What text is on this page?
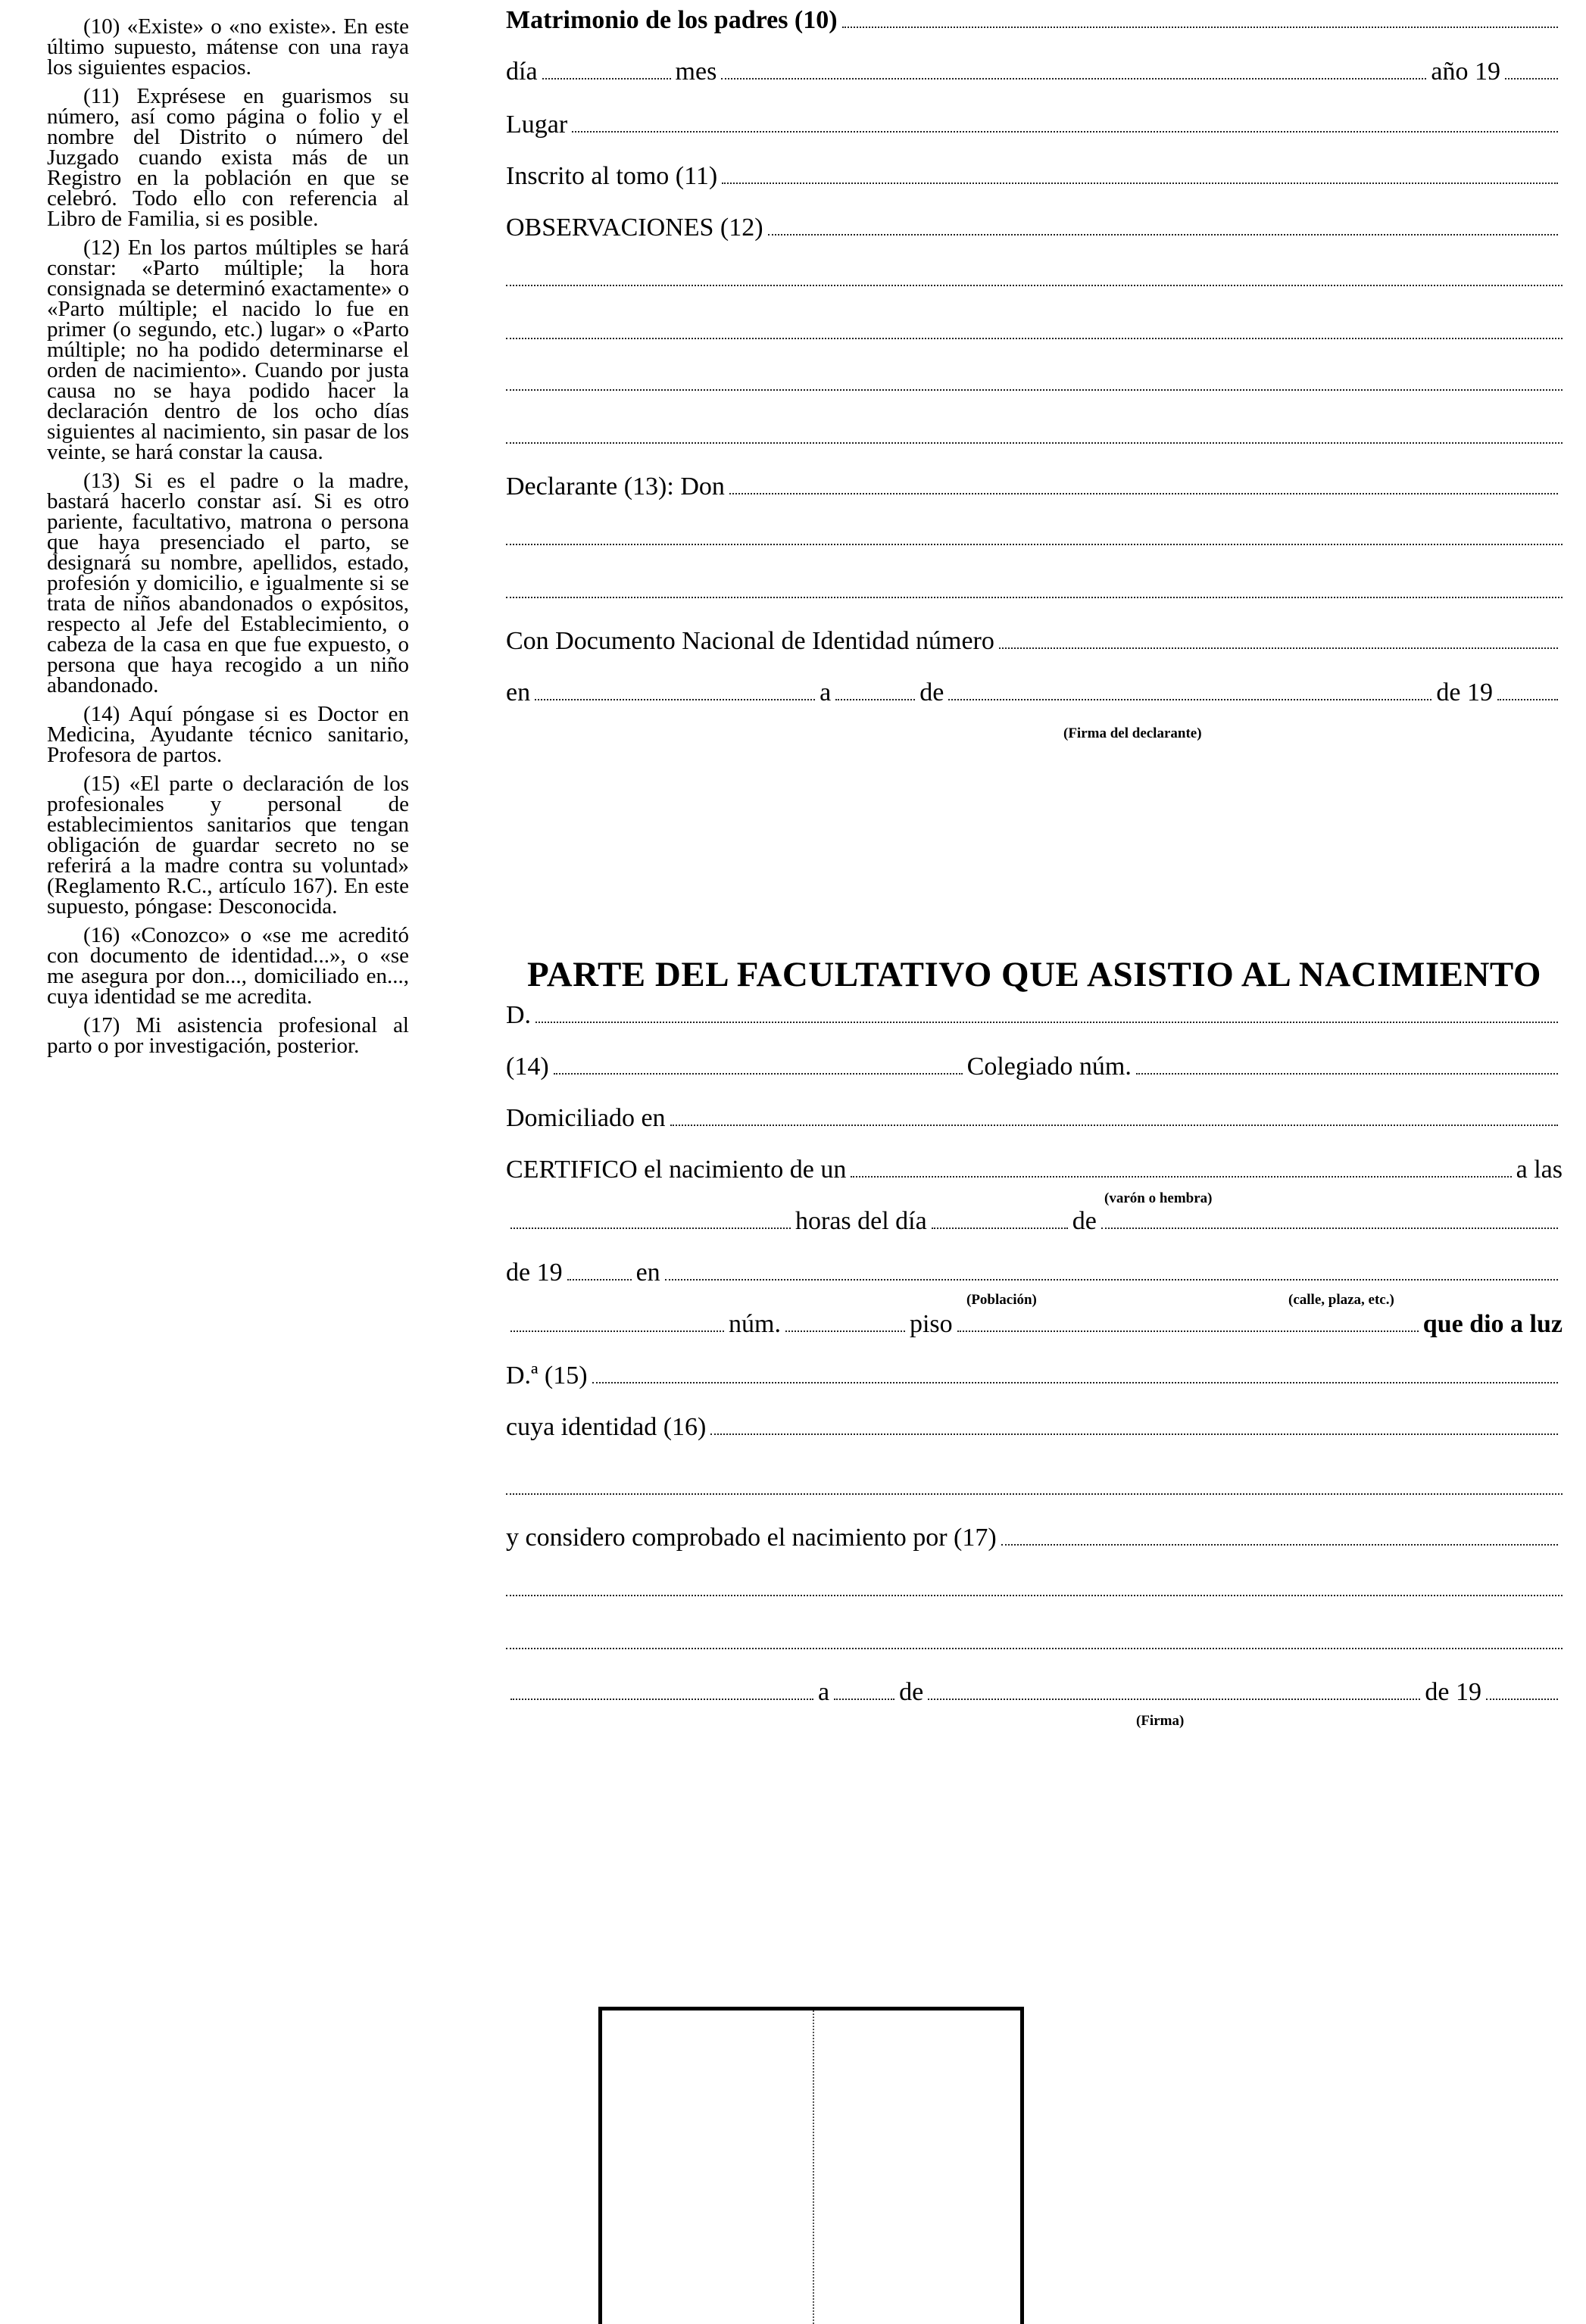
(10) «Existe» o «no existe». En este último supuesto, mátense con una raya los siguientes espacios.

(11) Exprésese en guarismos su número, así como página o folio y el nombre del Distrito o número del Juzgado cuando exista más de un Registro en la población en que se celebró. Todo ello con referencia al Libro de Familia, si es posible.

(12) En los partos múltiples se hará constar: «Parto múltiple; la hora consignada se determinó exactamente» o «Parto múltiple; el nacido lo fue en primer (o segundo, etc.) lugar» o «Parto múltiple; no ha podido determinarse el orden de nacimiento». Cuando por justa causa no se haya podido hacer la declaración dentro de los ocho días siguientes al nacimiento, sin pasar de los veinte, se hará constar la causa.

(13) Si es el padre o la madre, bastará hacerlo constar así. Si es otro pariente, facultativo, matrona o persona que haya presenciado el parto, se designará su nombre, apellidos, estado, profesión y domicilio, e igualmente si se trata de niños abandonados o expósitos, respecto al Jefe del Establecimiento, o cabeza de la casa en que fue expuesto, o persona que haya recogido a un niño abandonado.

(14) Aquí póngase si es Doctor en Medicina, Ayudante técnico sanitario, Profesora de partos.

(15) «El parte o declaración de los profesionales y personal de establecimientos sanitarios que tengan obligación de guardar secreto no se referirá a la madre contra su voluntad» (Reglamento R.C., artículo 167). En este supuesto, póngase: Desconocida.

(16) «Conozco» o «se me acreditó con documento de identidad...», o «se me asegura por don..., domiciliado en..., cuya identidad se me acredita.

(17) Mi asistencia profesional al parto o por investigación, posterior.

Matrimonio de los padres (10)
día	mes	año 19
Lugar
Inscrito al tomo (11)
OBSERVACIONES (12)
Declarante (13): Don
Con Documento Nacional de Identidad número
en	a	de	de 19
(Firma del declarante)
PARTE DEL FACULTATIVO QUE ASISTIO AL NACIMIENTO
D.
(14)	Colegiado núm.
Domiciliado en
CERTIFICO el nacimiento de un	a las
(varón o hembra)
horas del día	de
de 19	en
(Población)	(calle, plaza, etc.)
núm.	piso	que dio a luz
D.ª (15)
cuya identidad (16)
y considero comprobado el nacimiento por (17)
a	de	de 19
(Firma)
